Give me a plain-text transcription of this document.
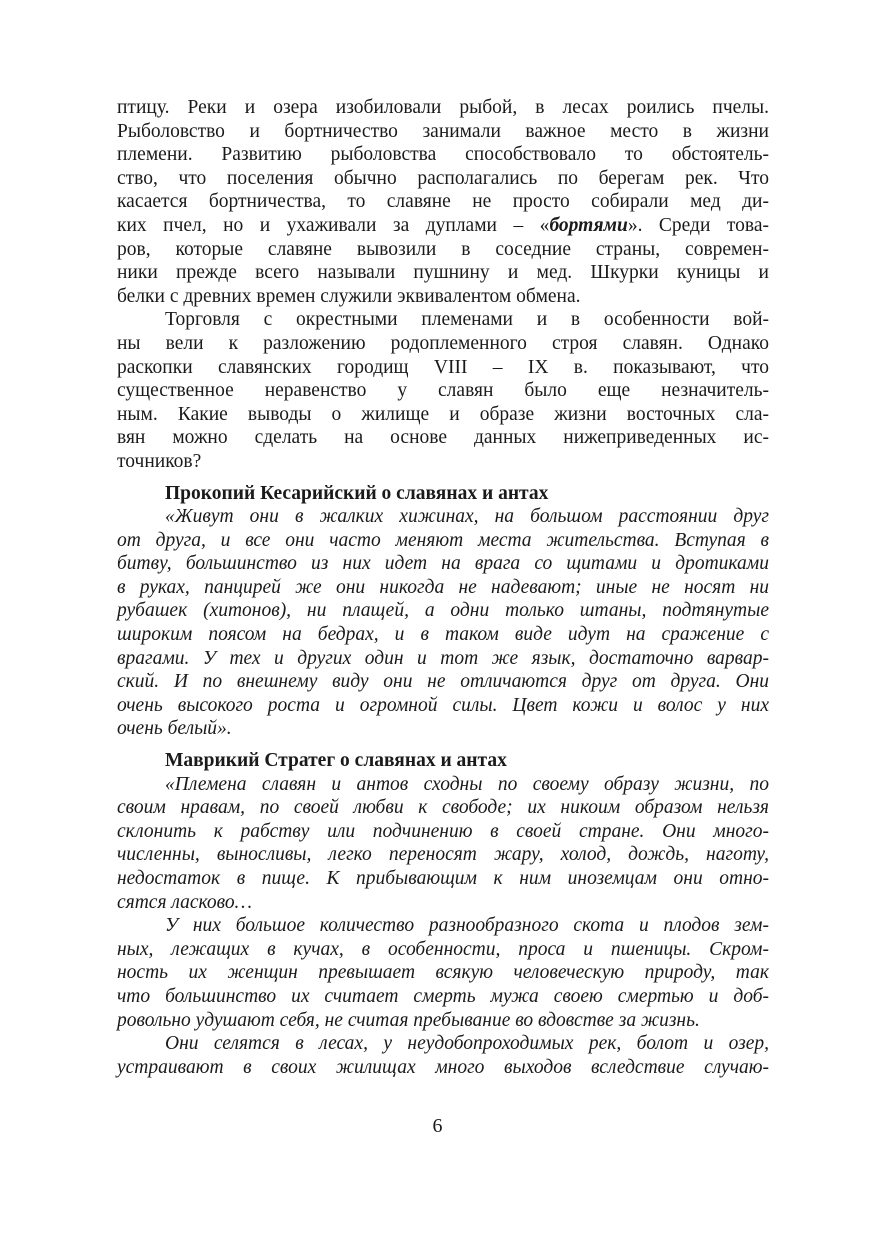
птицу. Реки и озера изобиловали рыбой, в лесах роились пчелы.
Рыболовство и бортничество занимали важное место в жизни
племени. Развитию рыболовства способствовало то обстоятель-
ство, что поселения обычно располагались по берегам рек. Что
касается бортничества, то славяне не просто собирали мед ди-
ких пчел, но и ухаживали за дуплами – «бортями». Среди това-
ров, которые славяне вывозили в соседние страны, современ-
ники прежде всего называли пушнину и мед. Шкурки куницы и
белки с древних времен служили эквивалентом обмена.
Торговля с окрестными племенами и в особенности вой-
ны вели к разложению родоплеменного строя славян. Однако
раскопки славянских городищ VIII – IX в. показывают, что
существенное неравенство у славян было еще незначитель-
ным. Какие выводы о жилище и образе жизни восточных сла-
вян можно сделать на основе данных нижеприведенных ис-
точников?
Прокопий Кесарийский о славянах и антах
«Живут они в жалких хижинах, на большом расстоянии друг
от друга, и все они часто меняют места жительства. Вступая в
битву, большинство из них идет на врага со щитами и дротиками
в руках, панцирей же они никогда не надевают; иные не носят ни
рубашек (хитонов), ни плащей, а одни только штаны, подтянутые
широким поясом на бедрах, и в таком виде идут на сражение с
врагами. У тех и других один и тот же язык, достаточно варвар-
ский. И по внешнему виду они не отличаются друг от друга. Они
очень высокого роста и огромной силы. Цвет кожи и волос у них
очень белый».
Маврикий Стратег о славянах и антах
«Племена славян и антов сходны по своему образу жизни, по
своим нравам, по своей любви к свободе; их никоим образом нельзя
склонить к рабству или подчинению в своей стране. Они много-
численны, выносливы, легко переносят жару, холод, дождь, наготу,
недостаток в пище. К прибывающим к ним иноземцам они отно-
сятся ласково…
У них большое количество разнообразного скота и плодов зем-
ных, лежащих в кучах, в особенности, проса и пшеницы. Скром-
ность их женщин превышает всякую человеческую природу, так
что большинство их считает смерть мужа своею смертью и доб-
ровольно удушают себя, не считая пребывание во вдовстве за жизнь.
Они селятся в лесах, у неудобопроходимых рек, болот и озер,
устраивают в своих жилищах много выходов вследствие случаю-
6
